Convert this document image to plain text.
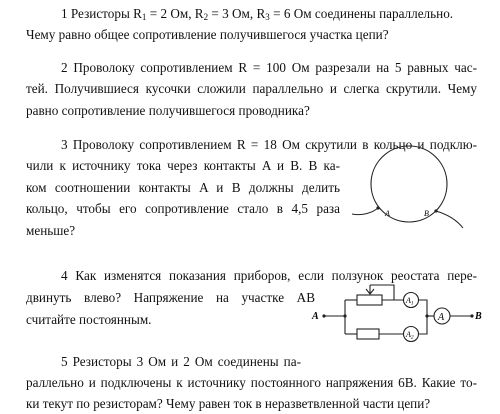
1 Резисторы $R_1 = 2$ Ом, $R_2 = 3$ Ом, $R_3 = 6$ Ом соединены параллельно.
Чему равно общее сопротивление получившегося участка цепи?
2 Проволоку сопротивлением R = 100 Ом разрезали на 5 равных час-
тей. Получившиеся кусочки сложили параллельно и слегка скрутили. Чему
равно сопротивление получившегося проводника?
3 Проволоку сопротивлением R = 18 Ом скрутили в кольцо и подклю-
чили к источнику тока через контакты A и B. В ка-
ком соотношении контакты A и B должны делить
кольцо, чтобы его сопротивление стало в 4,5 раза
меньше?
A	B
4 Как изменятся показания приборов, если ползунок реостата пере-
двинуть влево? Напряжение на участке AB
считайте постоянным.	A	B
A1
A2
A
5 Резисторы 3 Ом и 2 Ом соединены па-
раллельно и подключены к источнику постоянного напряжения 6В. Какие то-
ки текут по резисторам? Чему равен ток в неразветвленной части цепи?
